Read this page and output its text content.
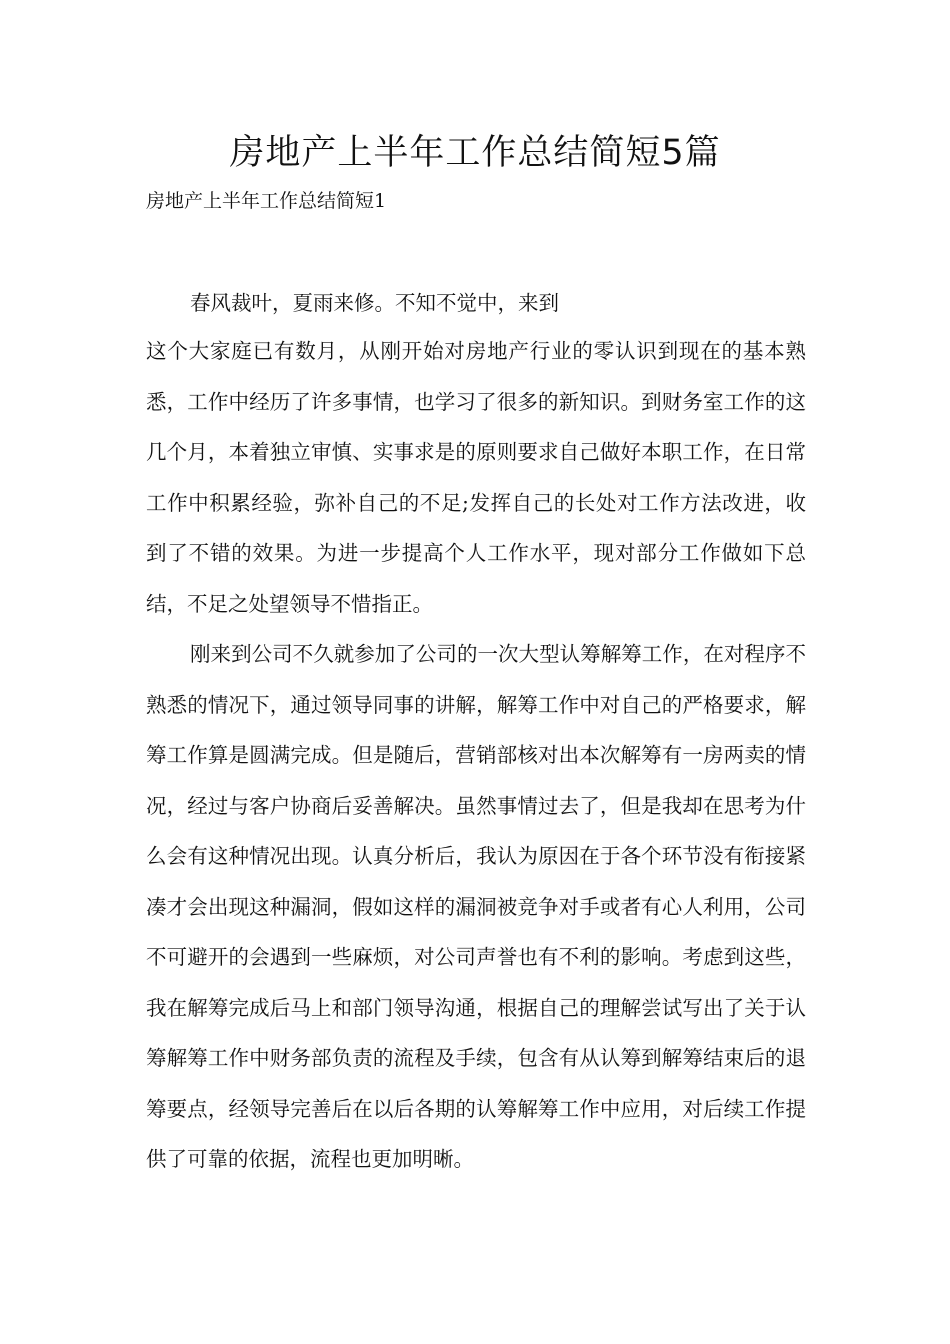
房地产上半年工作总结简短5篇

房地产上半年工作总结简短1

春风裁叶，夏雨来修。不知不觉中，来到

这个大家庭已有数月，从刚开始对房地产行业的零认识到现在的基本熟悉，工作中经历了许多事情，也学习了很多的新知识。到财务室工作的这几个月，本着独立审慎、实事求是的原则要求自己做好本职工作，在日常工作中积累经验，弥补自己的不足;发挥自己的长处对工作方法改进，收到了不错的效果。为进一步提高个人工作水平，现对部分工作做如下总结，不足之处望领导不惜指正。

刚来到公司不久就参加了公司的一次大型认筹解筹工作，在对程序不熟悉的情况下，通过领导同事的讲解，解筹工作中对自己的严格要求，解筹工作算是圆满完成。但是随后，营销部核对出本次解筹有一房两卖的情况，经过与客户协商后妥善解决。虽然事情过去了，但是我却在思考为什么会有这种情况出现。认真分析后，我认为原因在于各个环节没有衔接紧凑才会出现这种漏洞，假如这样的漏洞被竞争对手或者有心人利用，公司不可避开的会遇到一些麻烦，对公司声誉也有不利的影响。考虑到这些，我在解筹完成后马上和部门领导沟通，根据自己的理解尝试写出了关于认筹解筹工作中财务部负责的流程及手续，包含有从认筹到解筹结束后的退筹要点，经领导完善后在以后各期的认筹解筹工作中应用，对后续工作提供了可靠的依据，流程也更加明晰。
